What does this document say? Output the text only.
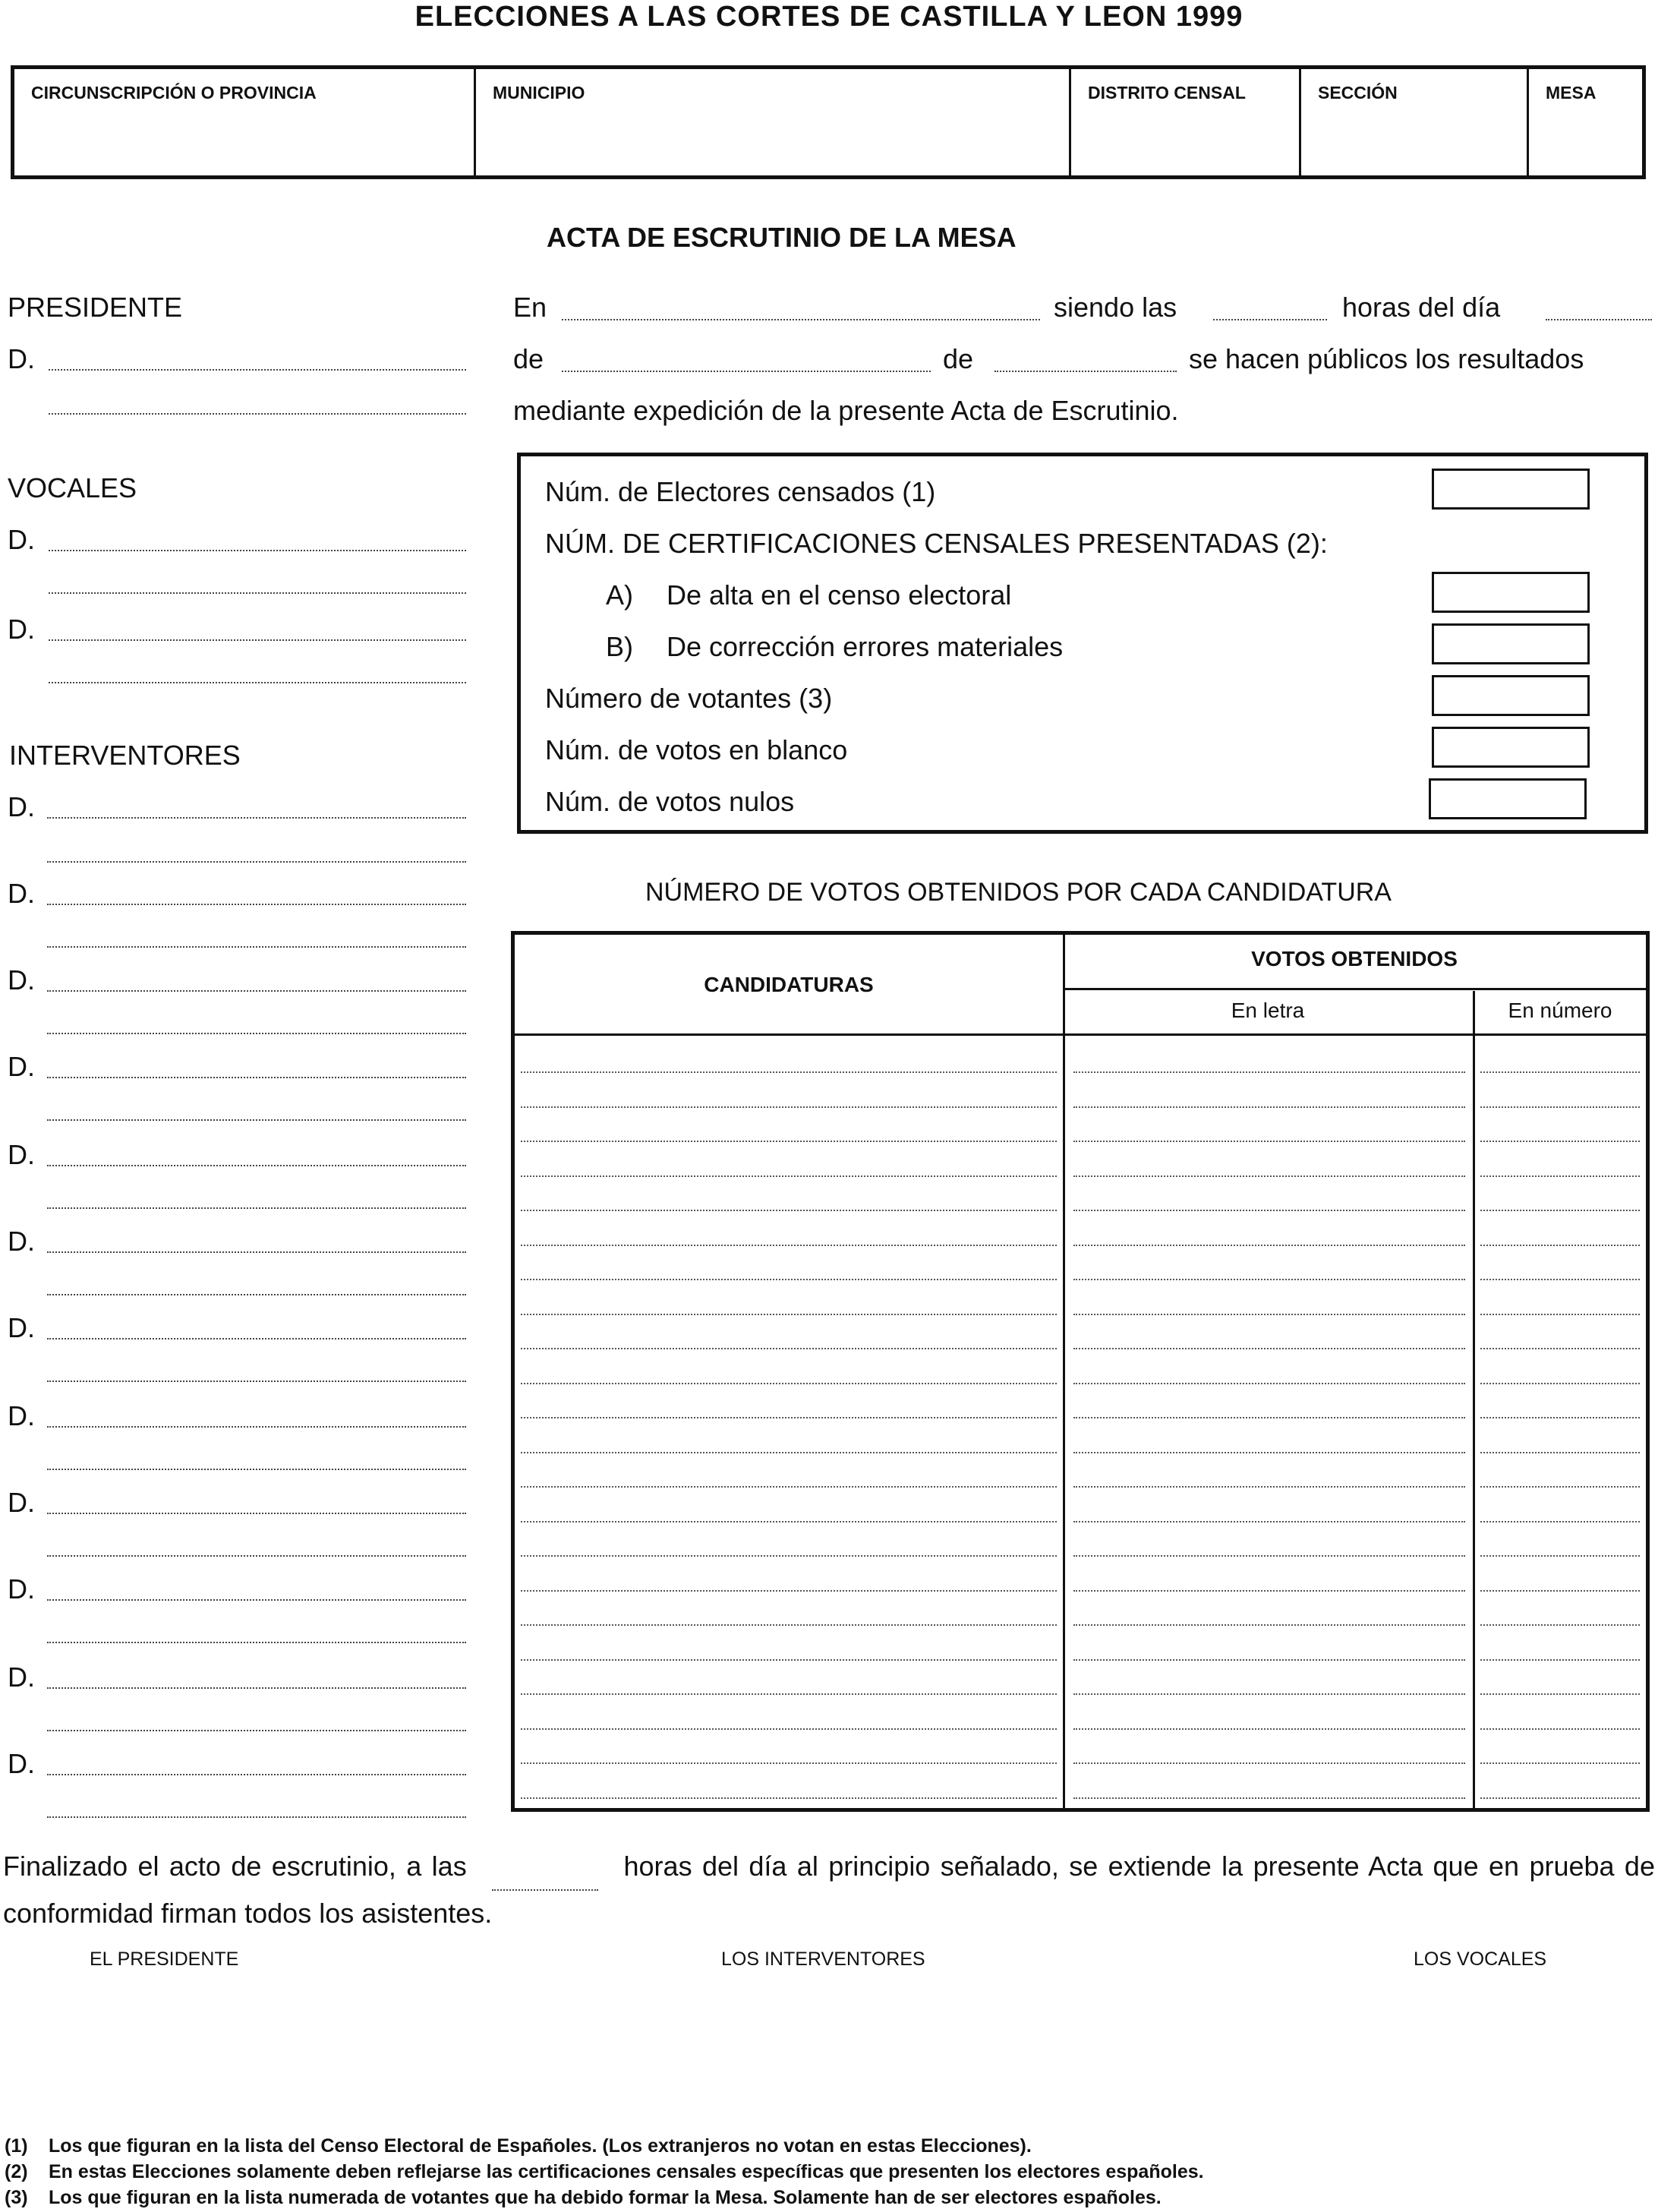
ELECCIONES A LAS CORTES DE CASTILLA Y LEON 1999
CIRCUNSCRIPCIÓN O PROVINCIA	MUNICIPIO	DISTRITO CENSAL	SECCIÓN	MESA
ACTA DE ESCRUTINIO DE LA MESA
PRESIDENTE
D.
VOCALES
D.
D.
INTERVENTORES
D.
D.
D.
D.
D.
D.
D.
D.
D.
D.
D.
D.
En	siendo las	horas del día
de	de	se hacen públicos los resultados
mediante expedición de la presente Acta de Escrutinio.
Núm. de Electores censados (1)
NÚM. DE CERTIFICACIONES CENSALES PRESENTADAS (2):
A) De alta en el censo electoral
B) De corrección errores materiales
Número de votantes (3)
Núm. de votos en blanco
Núm. de votos nulos
NÚMERO DE VOTOS OBTENIDOS POR CADA CANDIDATURA
CANDIDATURAS
VOTOS OBTENIDOS
En letra	En número
Finalizado el acto de escrutinio, a las	horas del día al principio señalado, se extiende la presente Acta que en prueba de conformidad firman todos los asistentes.
EL PRESIDENTE	LOS INTERVENTORES	LOS VOCALES
(1) Los que figuran en la lista del Censo Electoral de Españoles. (Los extranjeros no votan en estas Elecciones).
(2) En estas Elecciones solamente deben reflejarse las certificaciones censales específicas que presenten los electores españoles.
(3) Los que figuran en la lista numerada de votantes que ha debido formar la Mesa. Solamente han de ser electores españoles.
